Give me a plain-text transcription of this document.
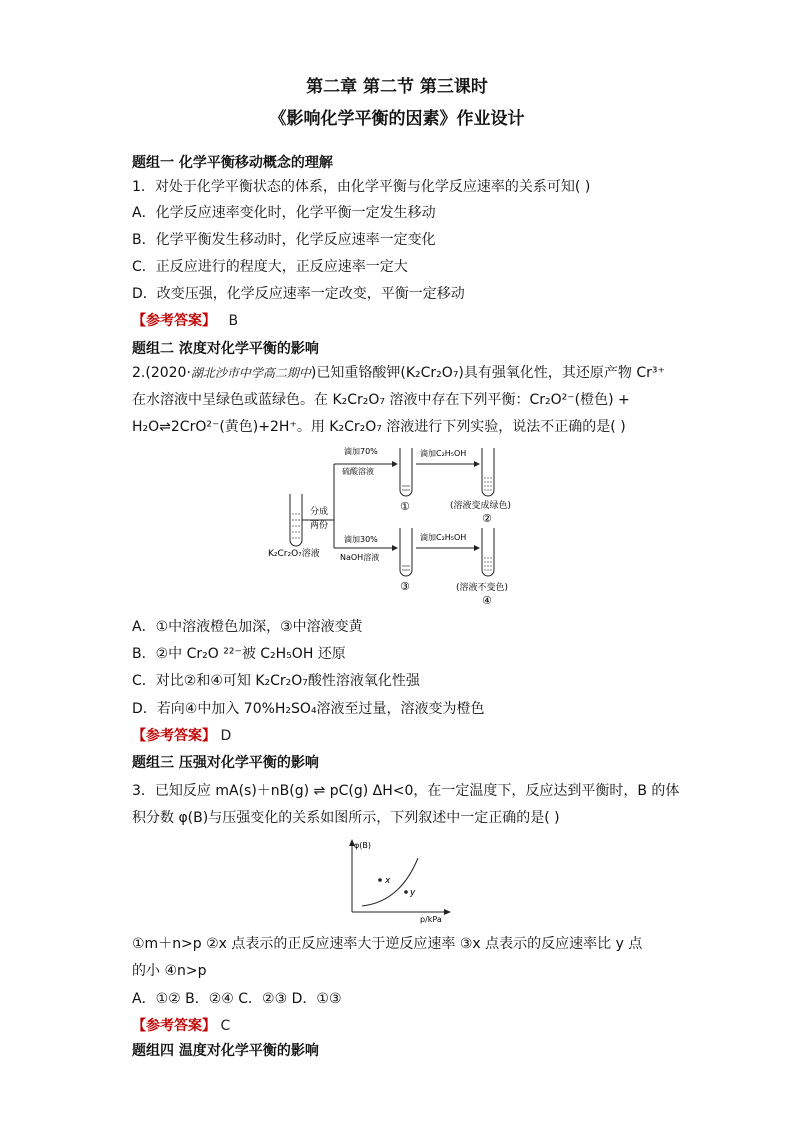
第二章 第二节 第三课时
《影响化学平衡的因素》作业设计
题组一 化学平衡移动概念的理解
1．对处于化学平衡状态的体系，由化学平衡与化学反应速率的关系可知( )
A．化学反应速率变化时，化学平衡一定发生移动
B．化学平衡发生移动时，化学反应速率一定变化
C．正反应进行的程度大，正反应速率一定大
D．改变压强，化学反应速率一定改变，平衡一定移动
【参考答案】 B
题组二 浓度对化学平衡的影响
2.(2020·湖北沙市中学高二期中)已知重铬酸钾(K₂Cr₂O₇)具有强氧化性，其还原产物 Cr³⁺
在水溶液中呈绿色或蓝绿色。在 K₂Cr₂O₇ 溶液中存在下列平衡：Cr₂O²⁻(橙色) +
H₂O⇌2CrO²⁻(黄色)+2H⁺。用 K₂Cr₂O₇ 溶液进行下列实验，说法不正确的是( )
K₂Cr₂O₇溶液
分成
两份
滴加70%
硫酸溶液
滴加30%
NaOH溶液
①
③
滴加C₂H₅OH
滴加C₂H₅OH
(溶液变成绿色)
②
(溶液不变色)
④
A．①中溶液橙色加深，③中溶液变黄
B．②中 Cr₂O ²²⁻被 C₂H₅OH 还原
C．对比②和④可知 K₂Cr₂O₇酸性溶液氧化性强
D．若向④中加入 70%H₂SO₄溶液至过量，溶液变为橙色
【参考答案】 D
题组三 压强对化学平衡的影响
3．已知反应 mA(s)＋nB(g) ⇌ pC(g) ΔH<0，在一定温度下，反应达到平衡时，B 的体
积分数 φ(B)与压强变化的关系如图所示，下列叙述中一定正确的是( )
φ(B)
p/kPa
x
y
①m＋n>p ②x 点表示的正反应速率大于逆反应速率 ③x 点表示的反应速率比 y 点
的小 ④n>p
A．①② B．②④ C．②③ D．①③
【参考答案】 C
题组四 温度对化学平衡的影响
